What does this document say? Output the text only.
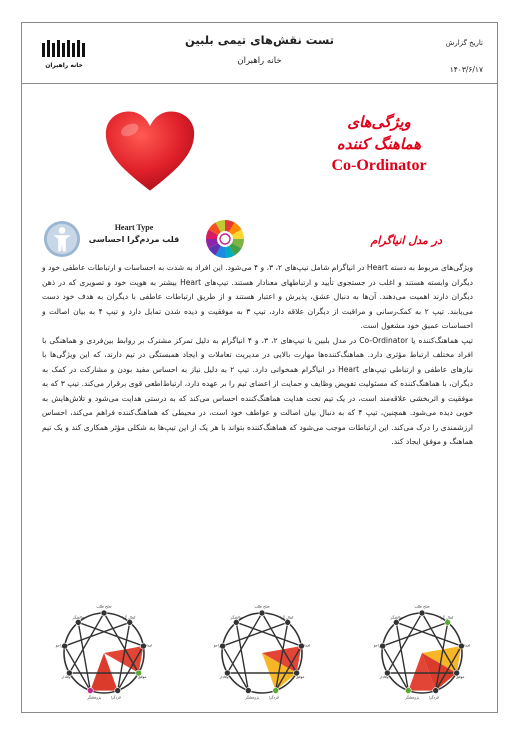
خانه راهبران
تست نقش‌های تیمی بلبین
خانه راهبران
تاریخ گزارش
۱۴۰۳/۶/۱۷
ویژگی‌های
هماهنگ کننده
Co-Ordinator
در مدل انیاگرام
Heart Type
قلب مردم‌گرا احساسی

ویژگی‌های مربوط به دسته Heart در انیاگرام شامل تیپ‌های ۲، ۳، و ۴ می‌شود. این افراد به شدت به احساسات و ارتباطات عاطفی خود و دیگران وابسته هستند و اغلب در جستجوی تأیید و ارتباطهای معنادار هستند. تیپ‌های Heart بیشتر به هویت خود و تصویری که در ذهن دیگران دارند اهمیت می‌دهند. آن‌ها به دنبال عشق، پذیرش و اعتبار هستند و از طریق ارتباطات عاطفی با دیگران به هدف خود دست می‌یابند. تیپ ۲ به کمک‌رسانی و مراقبت از دیگران علاقه دارد، تیپ ۳ به موفقیت و دیده شدن تمایل دارد و تیپ ۴ به بیان اصالت و احساسات عمیق خود مشغول است.

تیپ هماهنگ‌کننده یا Co-Ordinator در مدل بلبین با تیپ‌های ۲، ۳، و ۴ انیاگرام به دلیل تمرکز مشترک بر روابط بین‌فردی و هماهنگی با افراد مختلف ارتباط مؤثری دارد. هماهنگ‌کننده‌ها مهارت بالایی در مدیریت تعاملات و ایجاد همبستگی در تیم دارند، که این ویژگی‌ها با نیازهای عاطفی و ارتباطی تیپ‌های Heart در انیاگرام همخوانی دارد. تیپ ۲ به دلیل نیاز به احساس مفید بودن و مشارکت در کمک به دیگران، با هماهنگ‌کننده که مسئولیت تفویض وظایف و حمایت از اعضای تیم را بر عهده دارد، ارتباط‌اطعی قوی برقرار می‌کند. تیپ ۳ که به موفقیت و اثربخشی علاقه‌مند است، در یک تیم تحت هدایت هماهنگ‌کننده احساس می‌کند که به درستی هدایت می‌شود و تلاش‌هایش به خوبی دیده می‌شود. همچنین، تیپ ۴ که به دنبال بیان اصالت و عواطف خود است، در محیطی که هماهنگ‌کننده فراهم می‌کند، احساس ارزشمندی را درک می‌کند. این ارتباطات موجب می‌شود که هماهنگ‌کننده بتواند با هر یک از این تیپ‌ها به شکلی مؤثر همکاری کند و یک تیم هماهنگ و موفق ایجاد کند.

صلح طلب
کمال گرا
امدادگر
موفق
فردگرا
پژوهشگر
وفادار
ماجراجو
چالشگر
صلح طلب
کمال گرا
امدادگر
موفق
فردگرا
پژوهشگر
وفادار
ماجراجو
چالشگر
صلح طلب
کمال گرا
امدادگر
موفق
فردگرا
پژوهشگر
وفادار
ماجراجو
چالشگر
